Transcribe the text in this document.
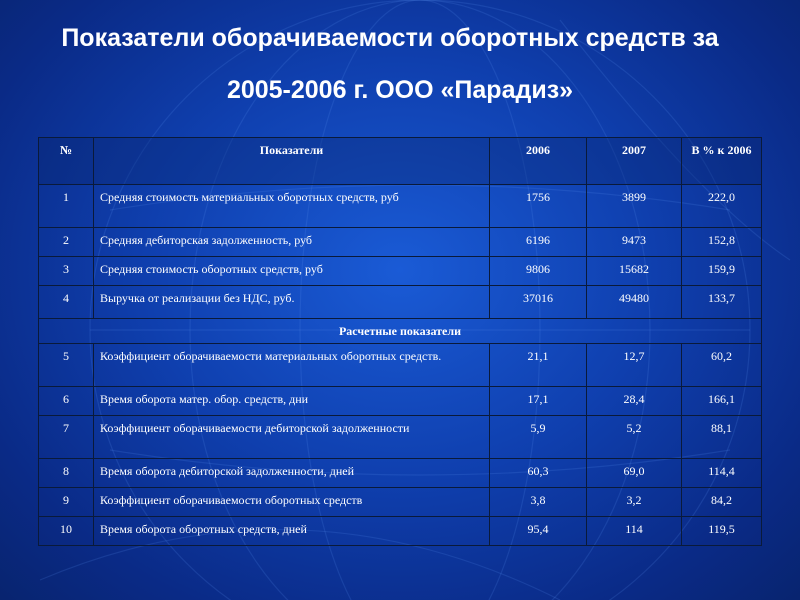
Показатели оборачиваемости оборотных средств за
2005-2006 г. ООО «Парадиз»
№	Показатели	2006	2007	В % к 2006
1	Средняя стоимость материальных оборотных средств, руб	1756	3899	222,0
2	Средняя дебиторская задолженность, руб	6196	9473	152,8
3	Средняя стоимость оборотных средств, руб	9806	15682	159,9
4	Выручка от реализации без НДС, руб.	37016	49480	133,7
Расчетные показатели				
5	Коэффициент оборачиваемости материальных оборотных средств.	21,1	12,7	60,2
6	Время оборота матер. обор. средств, дни	17,1	28,4	166,1
7	Коэффициент оборачиваемости дебиторской задолженности	5,9	5,2	88,1
8	Время оборота дебиторской задолженности, дней	60,3	69,0	114,4
9	Коэффициент оборачиваемости оборотных средств	3,8	3,2	84,2
10	Время оборота оборотных средств, дней	95,4	114	119,5
